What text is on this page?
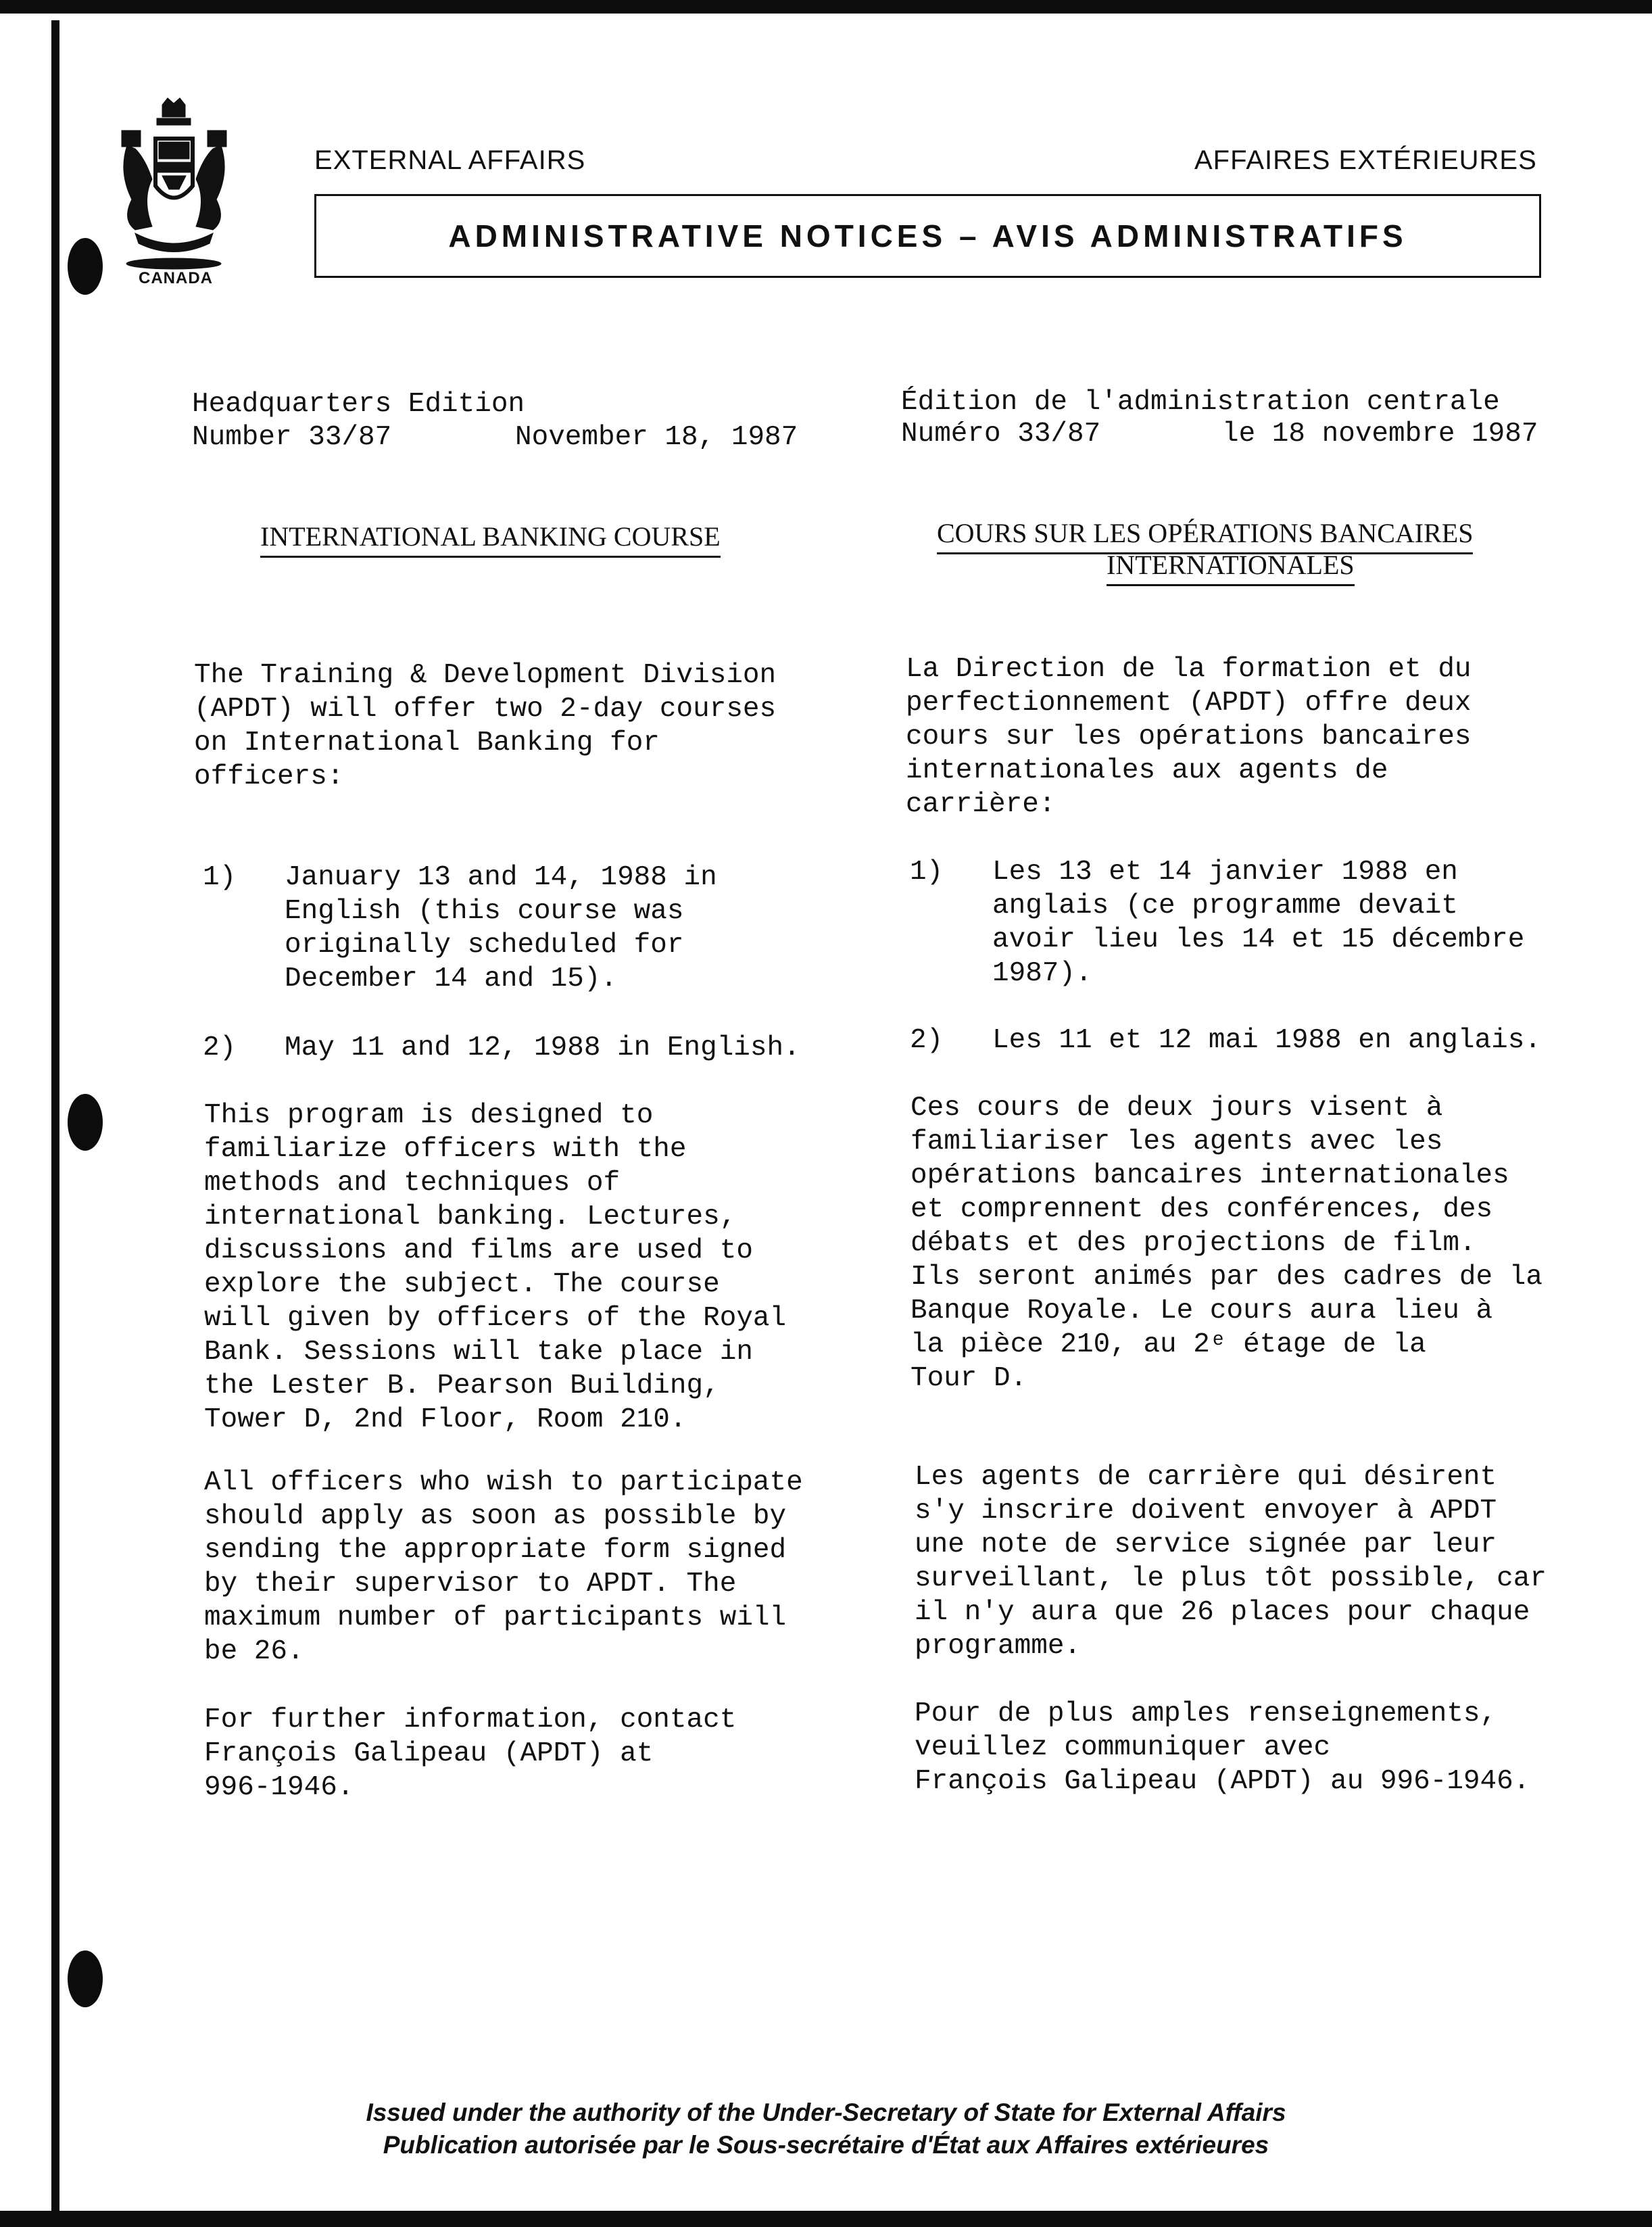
CANADA
EXTERNAL AFFAIRS	AFFAIRES EXTÉRIEURES
ADMINISTRATIVE NOTICES – AVIS ADMINISTRATIFS
Headquarters Edition
Number 33/87	November 18, 1987
INTERNATIONAL BANKING COURSE
The Training & Development Division
(APDT) will offer two 2-day courses
on International Banking for
officers:
1) January 13 and 14, 1988 in
English (this course was
originally scheduled for
December 14 and 15).
2) May 11 and 12, 1988 in English.
This program is designed to
familiarize officers with the
methods and techniques of
international banking. Lectures,
discussions and films are used to
explore the subject. The course
will given by officers of the Royal
Bank. Sessions will take place in
the Lester B. Pearson Building,
Tower D, 2nd Floor, Room 210.
All officers who wish to participate
should apply as soon as possible by
sending the appropriate form signed
by their supervisor to APDT. The
maximum number of participants will
be 26.
For further information, contact
François Galipeau (APDT) at
996-1946.
Édition de l'administration centrale
Numéro 33/87	le 18 novembre 1987
COURS SUR LES OPÉRATIONS BANCAIRES
INTERNATIONALES
La Direction de la formation et du
perfectionnement (APDT) offre deux
cours sur les opérations bancaires
internationales aux agents de
carrière:
1) Les 13 et 14 janvier 1988 en
anglais (ce programme devait
avoir lieu les 14 et 15 décembre
1987).
2) Les 11 et 12 mai 1988 en anglais.
Ces cours de deux jours visent à
familiariser les agents avec les
opérations bancaires internationales
et comprennent des conférences, des
débats et des projections de film.
Ils seront animés par des cadres de la
Banque Royale. Le cours aura lieu à
la pièce 210, au 2ᵉ étage de la
Tour D.
Les agents de carrière qui désirent
s'y inscrire doivent envoyer à APDT
une note de service signée par leur
surveillant, le plus tôt possible, car
il n'y aura que 26 places pour chaque
programme.
Pour de plus amples renseignements,
veuillez communiquer avec
François Galipeau (APDT) au 996-1946.
Issued under the authority of the Under-Secretary of State for External Affairs
Publication autorisée par le Sous-secrétaire d'État aux Affaires extérieures
